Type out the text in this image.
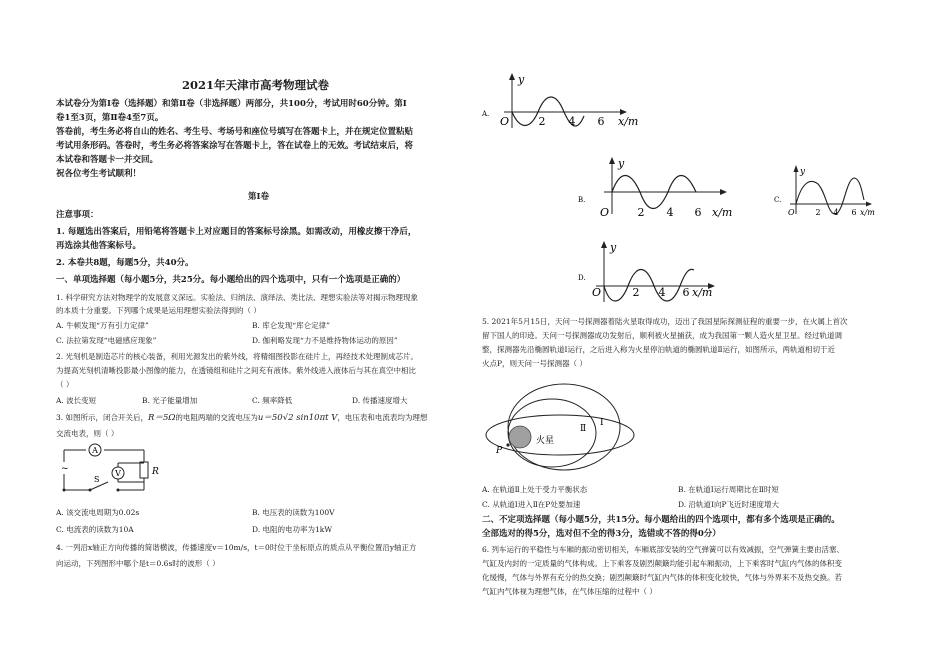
2021年天津市高考物理试卷
本试卷分为第Ⅰ卷（选择题）和第Ⅱ卷（非选择题）两部分，共100分，考试用时60分钟。第Ⅰ
卷1至3页，第Ⅱ卷4至7页。
答卷前，考生务必将自山的姓名、考生号、考场号和座位号填写在答题卡上，并在规定位置粘贴
考试用条形码。答卷时，考生务必将答案涂写在答题卡上，答在试卷上的无效。考试结束后，将
本试卷和答题卡一并交回。
祝各位考生考试顺利！
第Ⅰ卷
注意事项：
1. 每题选出答案后，用铅笔将答题卡上对应题目的答案标号涂黑。如需改动，用橡皮擦干净后，
再选涂其他答案标号。
2. 本卷共8题，每题5分，共40分。
一、单项选择题（每小题5分，共25分。每小题给出的四个选项中，只有一个选项是正确的）
1. 科学研究方法对物理学的发展意义深远。实验法、归纳法、演绎法、类比法、理想实验法等对揭示物理现象
的本质十分重要。下列哪个成果是运用理想实验法得到的（ ）
A. 牛顿发现“万有引力定律”	B. 库仑发现“库仑定律”
C. 法拉第发现“电磁感应现象”	D. 伽利略发现“力不是维持物体运动的原因”
2. 光刻机是制造芯片的核心装备，利用光源发出的紫外线，将精细图投影在硅片上，再经技术处理制成芯片。
为提高光刻机清晰投影最小图像的能力，在透镜组和硅片之间充有液体。紫外线进入液体后与其在真空中相比
（ ）
A. 波长变短	B. 光子能量增加	C. 频率降低	D. 传播速度增大
3. 如图所示，闭合开关后，R＝5Ω的电阻两端的交流电压为u＝50√2 sin10πt V，电压表和电流表均为理想
交流电表，则（ ）
A
V	R
S
~
A. 该交流电周期为0.02s	B. 电压表的读数为100V
C. 电流表的读数为10A	D. 电阻的电功率为1kW
4. 一列沿x轴正方向传播的简谐横波，传播速度v＝10m/s，t＝0时位于坐标原点的质点从平衡位置沿y轴正方
向运动，下列图形中哪个是t＝0.6s时的波形（ ）
A.
y
O	2 4 6 x/m
B.
y
O	2 4 6 x/m
C.
y
O	2 4 6 x/m
D.
y
O	2 4 6 x/m
5. 2021年5月15日，天问一号探测器着陆火星取得成功，迈出了我国星际探测征程的重要一步，在火属上首次
留下国人的印迹。天问一号探测器成功发射后，顺利被火星捕获，成为我国第一颗人造火星卫星。经过轨道调
整，探测器先沿椭圆轨道Ⅰ运行，之后进入称为火星停泊轨道的椭圆轨道Ⅱ运行，如图所示，两轨道相切于近
火点P，则天问一号探测器（ ）
火星
Ⅱ
Ⅰ
P
A. 在轨道Ⅱ上处于受力平衡状态	B. 在轨道Ⅰ运行周期比在Ⅱ时短
C. 从轨道Ⅰ进入Ⅱ在P处要加速	D. 沿轨道Ⅰ向P飞近时速度增大
二、不定项选择题（每小题5分，共15分。每小题给出的四个选项中，都有多个选项是正确的。
全部选对的得5分，选对但不全的得3分，选错或不答的得0分）
6. 列车运行的平稳性与车厢的振动密切相关，车厢底部安装的空气弹簧可以有效减振，空气弹簧主要由活塞、
气缸及内封的一定质量的气体构成。上下乘客及剧烈颠簸均能引起车厢振动，上下乘客时气缸内气体的体积变
化缓慢，气体与外界有充分的热交换；剧烈颠簸时气缸内气体的体积变化较快，气体与外界来不及热交换。若
气缸内气体视为理想气体，在气体压缩的过程中（ ）
